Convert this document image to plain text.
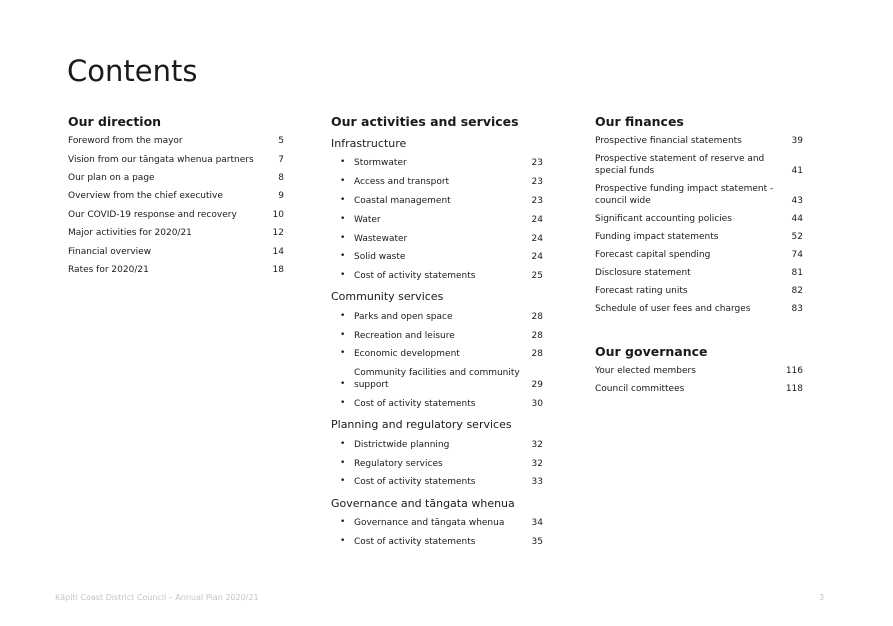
Contents
Our direction
Foreword from the mayor	5
Vision from our tāngata whenua partners	7
Our plan on a page	8
Overview from the chief executive	9
Our COVID-19 response and recovery	10
Major activities for 2020/21	12
Financial overview	14
Rates for 2020/21	18
Our activities and services
Infrastructure
• Stormwater	23
• Access and transport	23
• Coastal management	23
• Water	24
• Wastewater	24
• Solid waste	24
• Cost of activity statements	25
Community services
• Parks and open space	28
• Recreation and leisure	28
• Economic development	28
•
Community facilities and community support	29
• Cost of activity statements	30
Planning and regulatory services
• Districtwide planning	32
• Regulatory services	32
• Cost of activity statements	33
Governance and tāngata whenua
• Governance and tāngata whenua	34
• Cost of activity statements	35
Our finances
Prospective financial statements	39
Prospective statement of reserve and special funds	41
Prospective funding impact statement - council wide	43
Significant accounting policies	44
Funding impact statements	52
Forecast capital spending	74
Disclosure statement	81
Forecast rating units	82
Schedule of user fees and charges	83
Our governance
Your elected members	116
Council committees	118
Kāpiti Coast District Council – Annual Plan 2020/21	3
